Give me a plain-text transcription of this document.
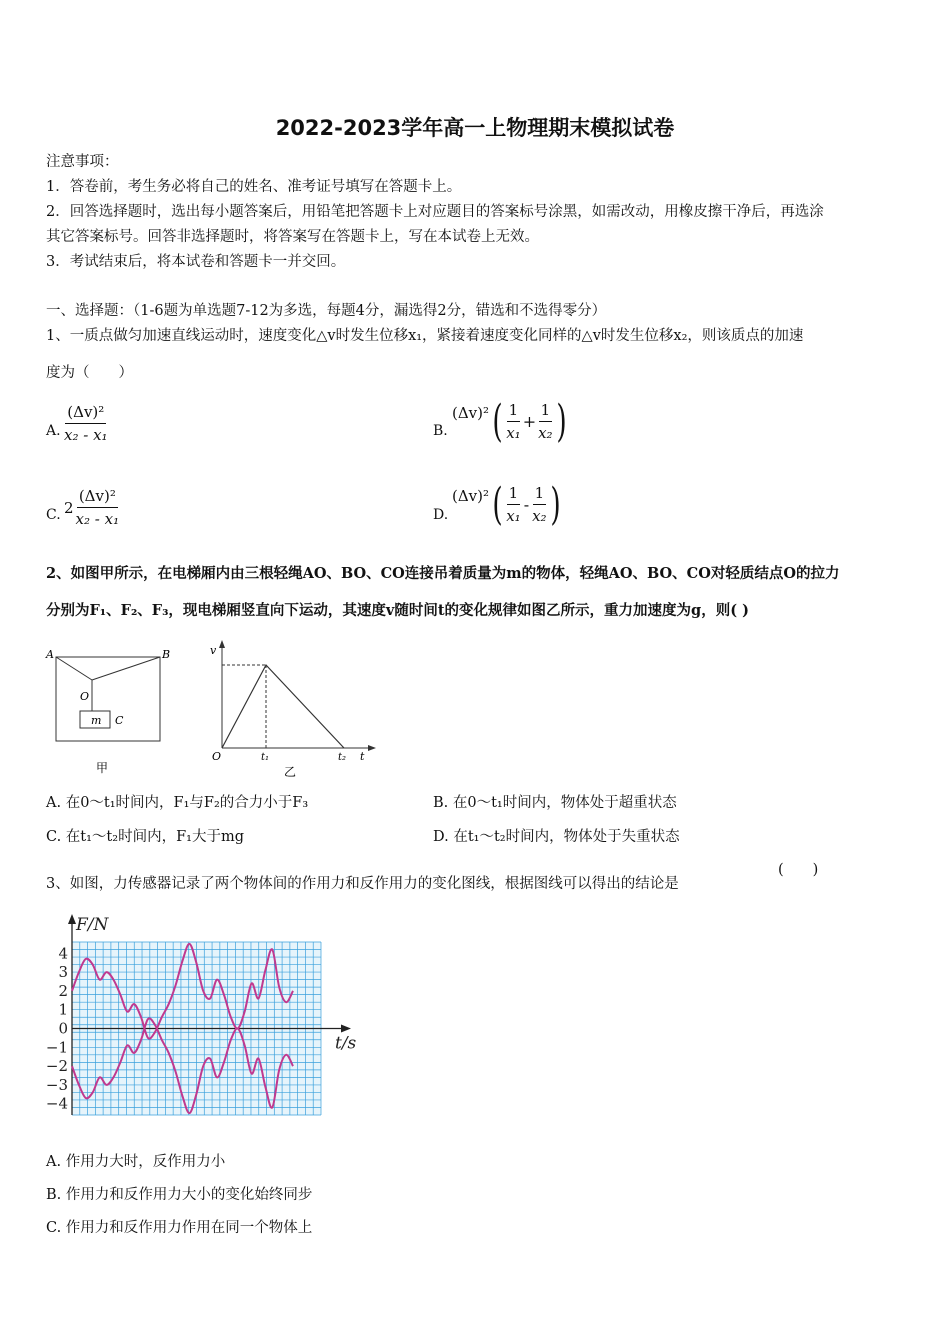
2022-2023学年高一上物理期末模拟试卷
注意事项：
1．答卷前，考生务必将自己的姓名、准考证号填写在答题卡上。
2．回答选择题时，选出每小题答案后，用铅笔把答题卡上对应题目的答案标号涂黑，如需改动，用橡皮擦干净后，再选涂
其它答案标号。回答非选择题时，将答案写在答题卡上，写在本试卷上无效。
3．考试结束后，将本试卷和答题卡一并交回。
一、选择题：（1-6题为单选题7-12为多选，每题4分，漏选得2分，错选和不选得零分）
1、一质点做匀加速直线运动时，速度变化△v时发生位移x₁，紧接着速度变化同样的△v时发生位移x₂，则该质点的加速
度为（　　）
A. $\frac{\text{(Δv)²}}{\text{x₂ - x₁}}$	B.
(Δv)² ( $\frac{1}{\text{x₁}} + \frac{1}{\text{x₂}}$ )
C. $2 \frac{\text{(Δv)²}}{\text{x₂ - x₁}}$	D.
(Δv)² ( $\frac{1}{\text{x₁}} - \frac{1}{\text{x₂}}$ )
2、如图甲所示，在电梯厢内由三根轻绳AO、BO、CO连接吊着质量为m的物体，轻绳AO、BO、CO对轻质结点O的拉力
分别为F₁、F₂、F₃，现电梯厢竖直向下运动，其速度v随时间t的变化规律如图乙所示，重力加速度为g，则( )
A	B
O
m C
甲
v
O	t₁	t₂ t
乙
A. 在0～t₁时间内，F₁与F₂的合力小于F₃	B. 在0～t₁时间内，物体处于超重状态
C. 在t₁～t₂时间内，F₁大于mg	D. 在t₁～t₂时间内，物体处于失重状态
3、如图，力传感器记录了两个物体间的作用力和反作用力的变化图线，根据图线可以得出的结论是
(　　)
F/N
t/s
4
3
2
1
0
−1
−2
−3
−4
A. 作用力大时，反作用力小
B. 作用力和反作用力大小的变化始终同步
C. 作用力和反作用力作用在同一个物体上
